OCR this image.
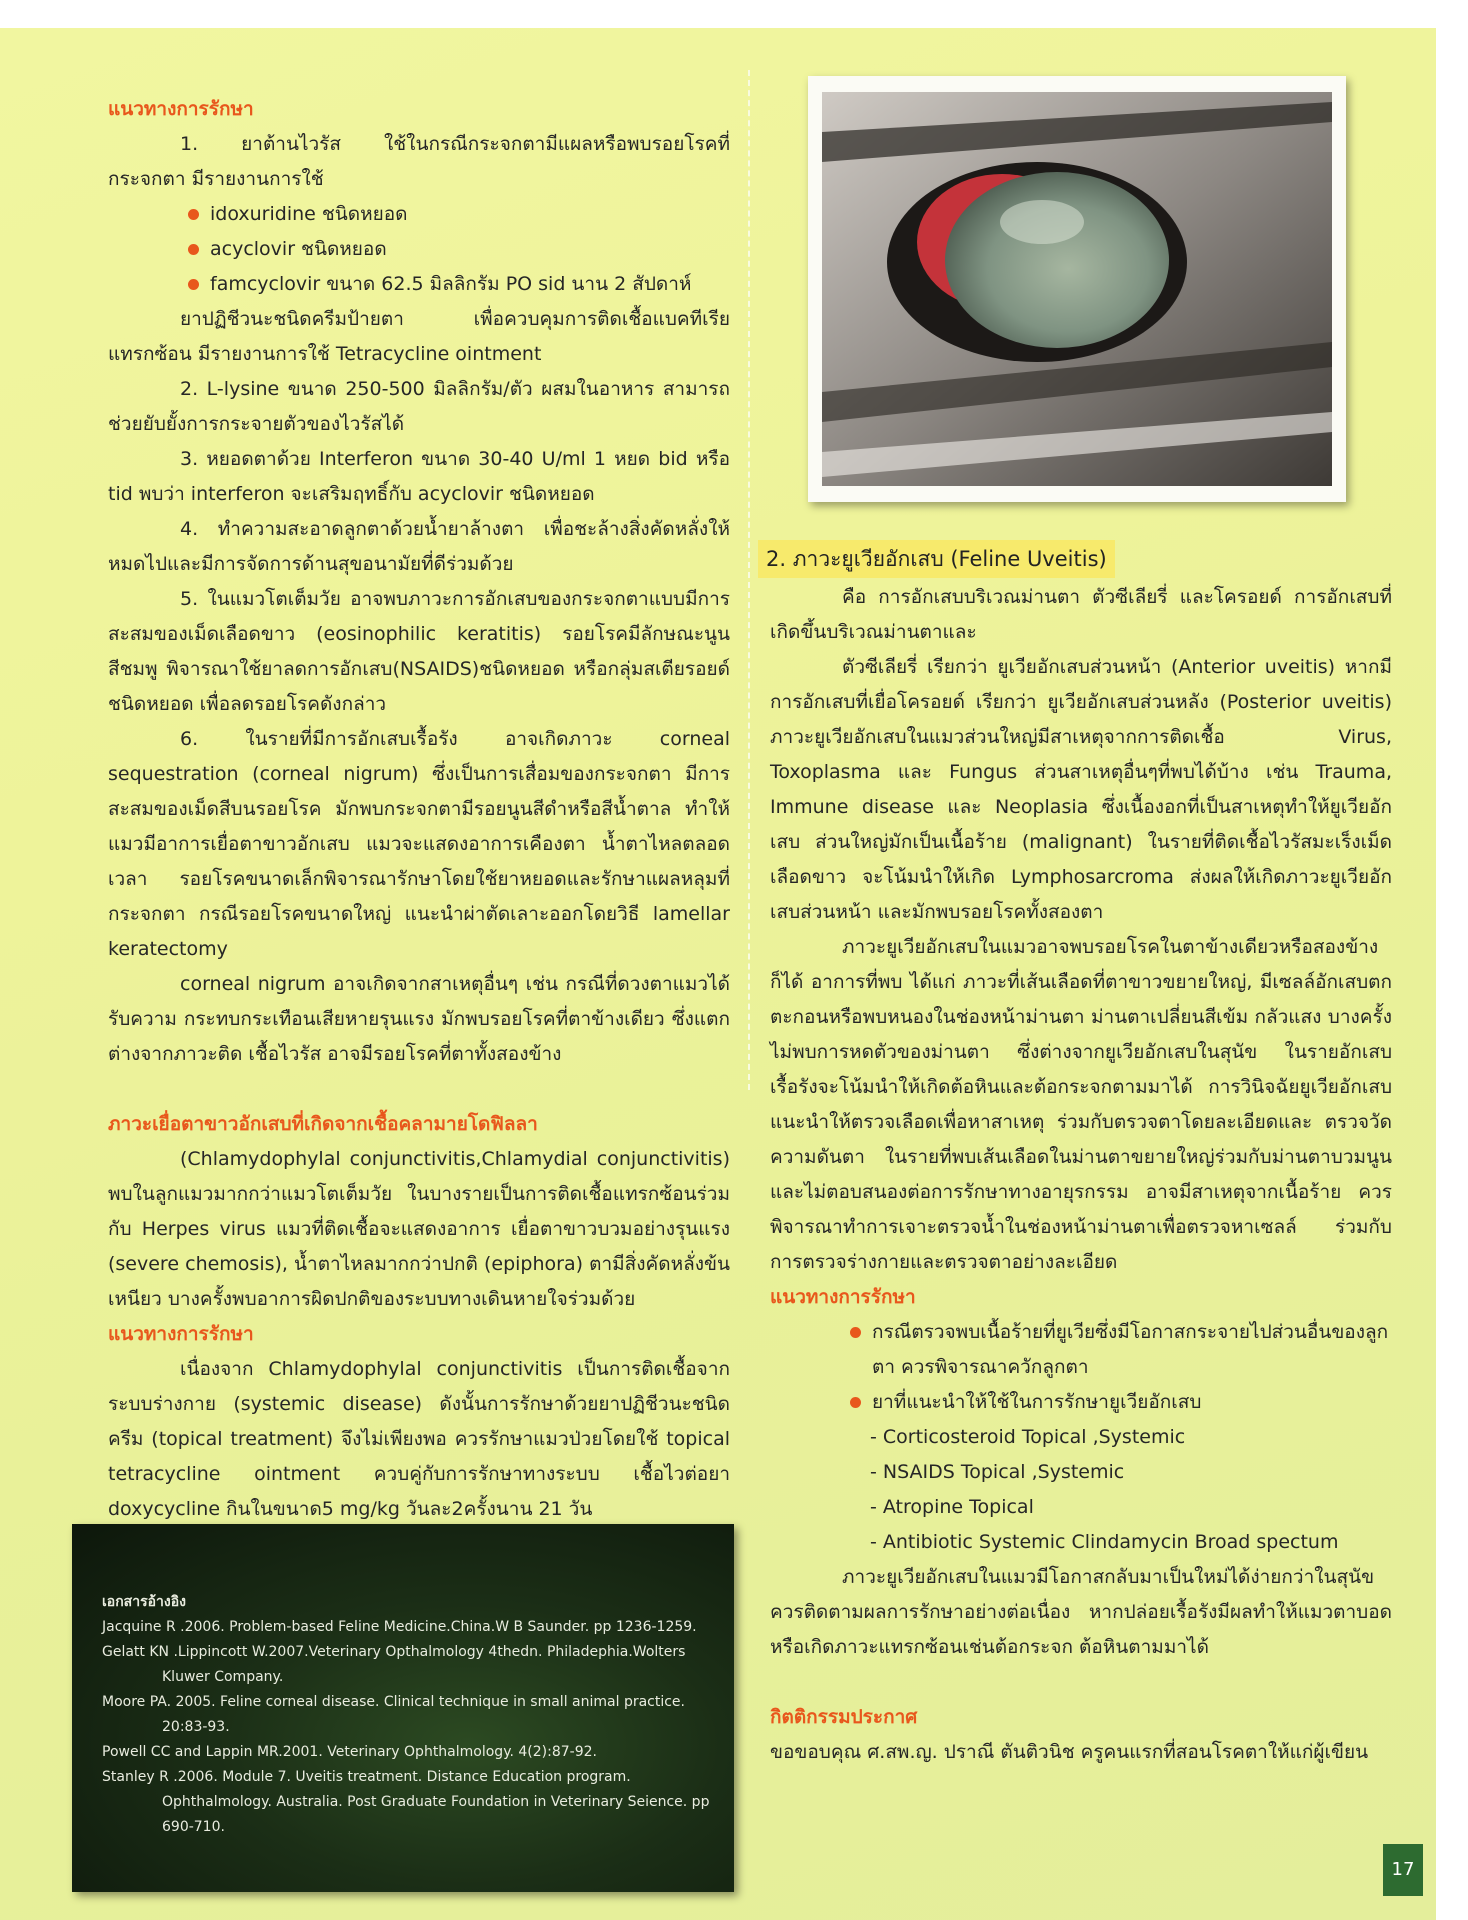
แนวทางการรักษา

1. ยาต้านไวรัส ใช้ในกรณีกระจกตามีแผลหรือพบรอยโรคที่กระจกตา มีรายงานการใช้

idoxuridine ชนิดหยอด
acyclovir ชนิดหยอด
famcyclovir ขนาด 62.5 มิลลิกรัม PO sid นาน 2 สัปดาห์

ยาปฏิชีวนะชนิดครีมป้ายตา เพื่อควบคุมการติดเชื้อแบคทีเรียแทรกซ้อน มีรายงานการใช้ Tetracycline ointment

2. L-lysine ขนาด 250-500 มิลลิกรัม/ตัว ผสมในอาหาร สามารถช่วยยับยั้งการกระจายตัวของไวรัสได้

3. หยอดตาด้วย Interferon ขนาด 30-40 U/ml 1 หยด bid หรือ tid พบว่า interferon จะเสริมฤทธิ์กับ acyclovir ชนิดหยอด

4. ทำความสะอาดลูกตาด้วยน้ำยาล้างตา เพื่อชะล้างสิ่งคัดหลั่งให้หมดไปและมีการจัดการด้านสุขอนามัยที่ดีร่วมด้วย

5. ในแมวโตเต็มวัย อาจพบภาวะการอักเสบของกระจกตาแบบมีการสะสมของเม็ดเลือดขาว (eosinophilic keratitis) รอยโรคมีลักษณะนูน สีชมพู พิจารณาใช้ยาลดการอักเสบ(NSAIDS)ชนิดหยอด หรือกลุ่มสเตียรอยด์ชนิดหยอด เพื่อลดรอยโรคดังกล่าว

6. ในรายที่มีการอักเสบเรื้อรัง อาจเกิดภาวะ corneal sequestration (corneal nigrum) ซึ่งเป็นการเสื่อมของกระจกตา มีการสะสมของเม็ดสีบนรอยโรค มักพบกระจกตามีรอยนูนสีดำหรือสีน้ำตาล ทำให้แมวมีอาการเยื่อตาขาวอักเสบ แมวจะแสดงอาการเคืองตา น้ำตาไหลตลอดเวลา รอยโรคขนาดเล็กพิจารณารักษาโดยใช้ยาหยอดและรักษาแผลหลุมที่กระจกตา กรณีรอยโรคขนาดใหญ่ แนะนำผ่าตัดเลาะออกโดยวิธี lamellar keratectomy

corneal nigrum อาจเกิดจากสาเหตุอื่นๆ เช่น กรณีที่ดวงตาแมวได้รับความ กระทบกระเทือนเสียหายรุนแรง มักพบรอยโรคที่ตาข้างเดียว ซึ่งแตกต่างจากภาวะติด เชื้อไวรัส อาจมีรอยโรคที่ตาทั้งสองข้าง

ภาวะเยื่อตาขาวอักเสบที่เกิดจากเชื้อคลามายโดฟิลลา

(Chlamydophylal conjunctivitis,Chlamydial conjunctivitis) พบในลูกแมวมากกว่าแมวโตเต็มวัย ในบางรายเป็นการติดเชื้อแทรกซ้อนร่วมกับ Herpes virus แมวที่ติดเชื้อจะแสดงอาการ เยื่อตาขาวบวมอย่างรุนแรง (severe chemosis), น้ำตาไหลมากกว่าปกติ (epiphora) ตามีสิ่งคัดหลั่งข้นเหนียว บางครั้งพบอาการผิดปกติของระบบทางเดินหายใจร่วมด้วย

แนวทางการรักษา

เนื่องจาก Chlamydophylal conjunctivitis เป็นการติดเชื้อจากระบบร่างกาย (systemic disease) ดังนั้นการรักษาด้วยยาปฏิชีวนะชนิดครีม (topical treatment) จึงไม่เพียงพอ ควรรักษาแมวป่วยโดยใช้ topical tetracycline ointment ควบคู่กับการรักษาทางระบบ เชื้อไวต่อยา doxycycline กินในขนาด5 mg/kg วันละ2ครั้งนาน 21 วัน

เอกสารอ้างอิง
Jacquine R .2006. Problem-based Feline Medicine.China.W B Saunder. pp 1236-1259.
Gelatt KN .Lippincott W.2007.Veterinary Opthalmology 4thedn. Philadephia.Wolters Kluwer Company.
Moore PA. 2005. Feline corneal disease. Clinical technique in small animal practice. 20:83-93.
Powell CC and Lappin MR.2001. Veterinary Ophthalmology. 4(2):87-92.
Stanley R .2006. Module 7. Uveitis treatment. Distance Education program. Ophthalmology. Australia. Post Graduate Foundation in Veterinary Seience. pp 690-710.
2. ภาวะยูเวียอักเสบ (Feline Uveitis)

คือ การอักเสบบริเวณม่านตา ตัวซีเลียรี่ และโครอยด์ การอักเสบที่เกิดขึ้นบริเวณม่านตาและ

ตัวซีเลียรี่ เรียกว่า ยูเวียอักเสบส่วนหน้า (Anterior uveitis) หากมีการอักเสบที่เยื่อโครอยด์ เรียกว่า ยูเวียอักเสบส่วนหลัง (Posterior uveitis) ภาวะยูเวียอักเสบในแมวส่วนใหญ่มีสาเหตุจากการติดเชื้อ Virus, Toxoplasma และ Fungus ส่วนสาเหตุอื่นๆที่พบได้บ้าง เช่น Trauma, Immune disease และ Neoplasia ซึ่งเนื้องอกที่เป็นสาเหตุทำให้ยูเวียอักเสบ ส่วนใหญ่มักเป็นเนื้อร้าย (malignant) ในรายที่ติดเชื้อไวรัสมะเร็งเม็ดเลือดขาว จะโน้มนำให้เกิด Lymphosarcroma ส่งผลให้เกิดภาวะยูเวียอักเสบส่วนหน้า และมักพบรอยโรคทั้งสองตา

ภาวะยูเวียอักเสบในแมวอาจพบรอยโรคในตาข้างเดียวหรือสองข้างก็ได้ อาการที่พบ ได้แก่ ภาวะที่เส้นเลือดที่ตาขาวขยายใหญ่, มีเซลล์อักเสบตกตะกอนหรือพบหนองในช่องหน้าม่านตา ม่านตาเปลี่ยนสีเข้ม กลัวแสง บางครั้งไม่พบการหดตัวของม่านตา ซึ่งต่างจากยูเวียอักเสบในสุนัข ในรายอักเสบเรื้อรังจะโน้มนำให้เกิดต้อหินและต้อกระจกตามมาได้ การวินิจฉัยยูเวียอักเสบ แนะนำให้ตรวจเลือดเพื่อหาสาเหตุ ร่วมกับตรวจตาโดยละเอียดและ ตรวจวัดความดันตา ในรายที่พบเส้นเลือดในม่านตาขยายใหญ่ร่วมกับม่านตาบวมนูน และไม่ตอบสนองต่อการรักษาทางอายุรกรรม อาจมีสาเหตุจากเนื้อร้าย ควรพิจารณาทำการเจาะตรวจน้ำในช่องหน้าม่านตาเพื่อตรวจหาเซลล์ ร่วมกับการตรวจร่างกายและตรวจตาอย่างละเอียด

แนวทางการรักษา

กรณีตรวจพบเนื้อร้ายที่ยูเวียซึ่งมีโอกาสกระจายไปส่วนอื่นของลูกตา ควรพิจารณาควักลูกตา
ยาที่แนะนำให้ใช้ในการรักษายูเวียอักเสบ
- Corticosteroid Topical ,Systemic
- NSAIDS Topical ,Systemic
- Atropine Topical
- Antibiotic Systemic Clindamycin Broad spectum

ภาวะยูเวียอักเสบในแมวมีโอกาสกลับมาเป็นใหม่ได้ง่ายกว่าในสุนัข ควรติดตามผลการรักษาอย่างต่อเนื่อง หากปล่อยเรื้อรังมีผลทำให้แมวตาบอด หรือเกิดภาวะแทรกซ้อนเช่นต้อกระจก ต้อหินตามมาได้

กิตติกรรมประกาศ

ขอขอบคุณ ศ.สพ.ญ. ปราณี ตันติวนิช ครูคนแรกที่สอนโรคตาให้แก่ผู้เขียน

17
